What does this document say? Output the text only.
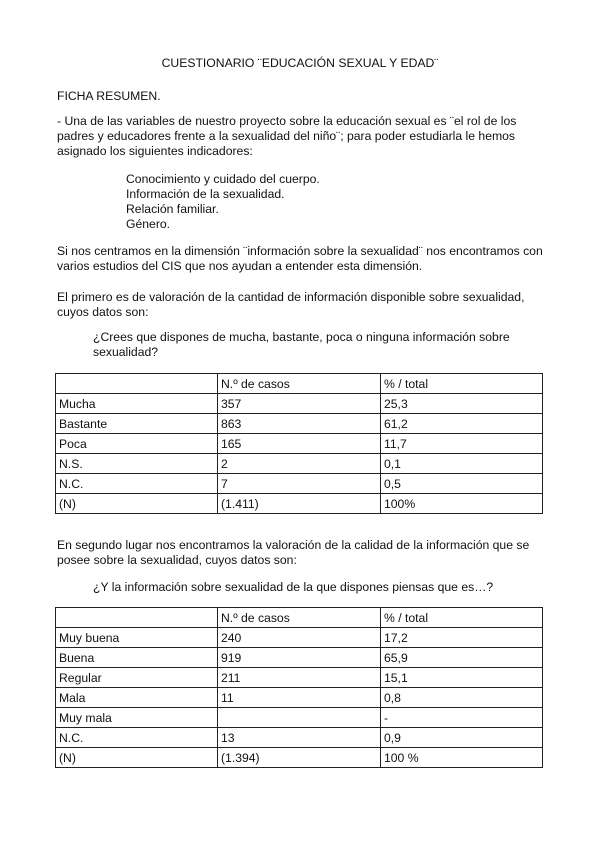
CUESTIONARIO ¨EDUCACIÓN SEXUAL Y EDAD¨
FICHA RESUMEN.
- Una de las variables de nuestro proyecto sobre la educación sexual es ¨el rol de los
padres y educadores frente a la sexualidad del niño¨; para poder estudiarla le hemos
asignado los siguientes indicadores:
Conocimiento y cuidado del cuerpo.
Información de la sexualidad.
Relación familiar.
Género.
Si nos centramos en la dimensión ¨información sobre la sexualidad¨ nos encontramos con
varios estudios del CIS que nos ayudan a entender esta dimensión.
El primero es de valoración de la cantidad de información disponible sobre sexualidad,
cuyos datos son:
¿Crees que dispones de mucha, bastante, poca o ninguna información sobre
sexualidad?
	N.º de casos	% / total
Mucha	357	25,3
Bastante	863	61,2
Poca	165	11,7
N.S.	2	0,1
N.C.	7	0,5
(N)	(1.411)	100%
En segundo lugar nos encontramos la valoración de la calidad de la información que se
posee sobre la sexualidad, cuyos datos son:
¿Y la información sobre sexualidad de la que dispones piensas que es…?
	N.º de casos	% / total
Muy buena	240	17,2
Buena	919	65,9
Regular	211	15,1
Mala	11	0,8
Muy mala		-
N.C.	13	0,9
(N)	(1.394)	100 %
